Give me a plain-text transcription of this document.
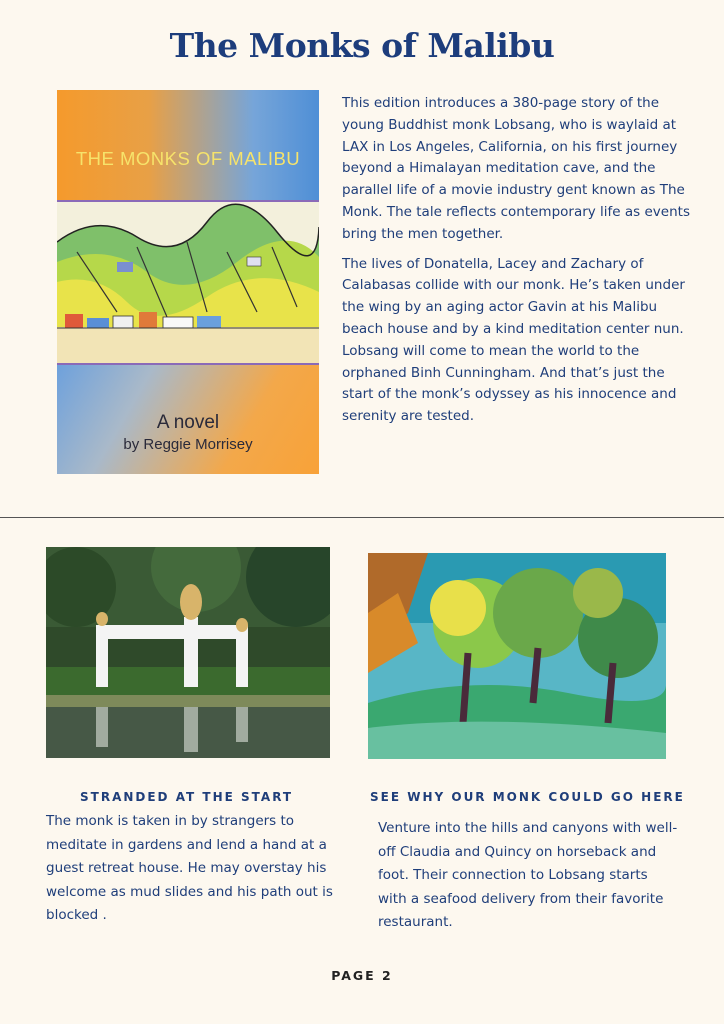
The Monks of Malibu
THE MONKS OF MALIBU
A novel
by Reggie Morrisey

This edition introduces a 380-page story of the young Buddhist monk Lobsang, who is waylaid at LAX in Los Angeles, California, on his first journey beyond a Himalayan meditation cave, and the parallel life of a movie industry gent known as The Monk. The tale reflects contemporary life as events bring the men together.

The lives of Donatella, Lacey and Zachary of Calabasas collide with our monk. He’s taken under the wing by an aging actor Gavin at his Malibu beach house and by a kind meditation center nun. Lobsang will come to mean the world to the orphaned Binh Cunningham. And that’s just the start of the monk’s odyssey as his innocence and serenity are tested.

STRANDED AT THE START
The monk is taken in by strangers to meditate in gardens and lend a hand at a guest retreat house. He may overstay his welcome as mud slides and his path out is blocked .
SEE WHY OUR MONK COULD GO HERE
Venture into the hills and canyons with well-off Claudia and Quincy on horseback and foot. Their connection to Lobsang starts with a seafood delivery from their favorite restaurant.
PAGE 2
